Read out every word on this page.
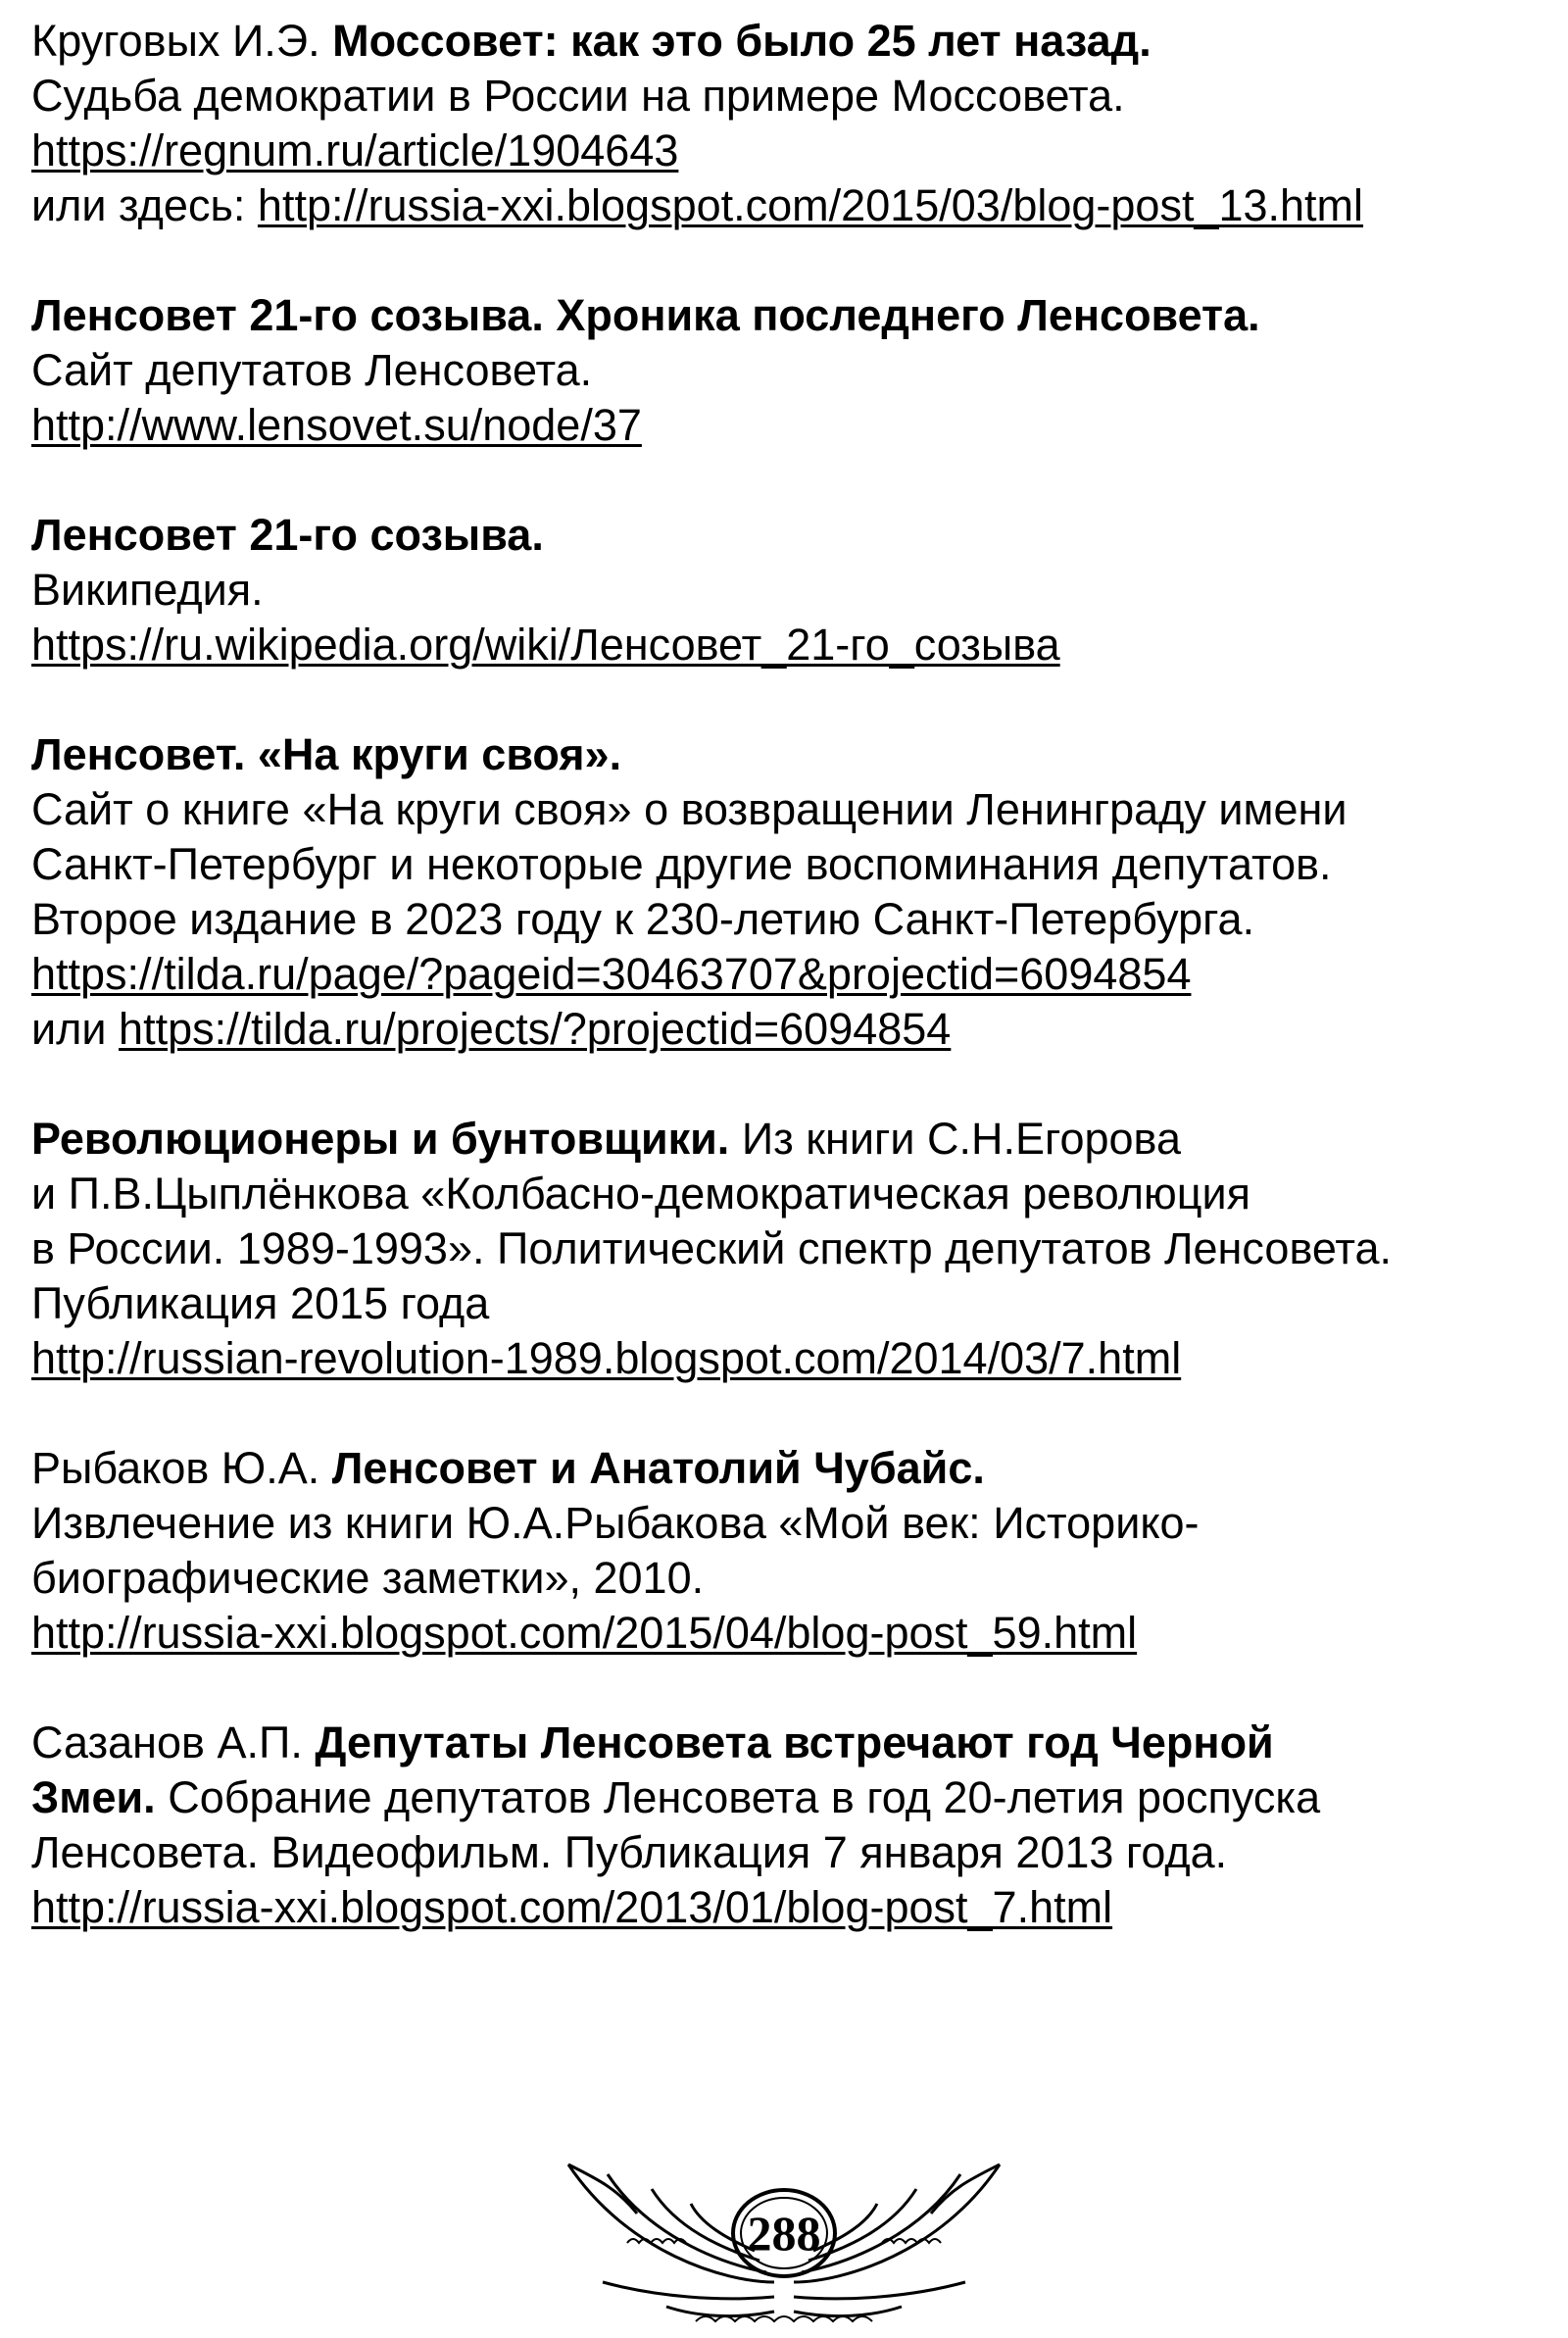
Круговых И.Э. Моссовет: как это было 25 лет назад.
Судьба демократии в России на примере Моссовета.
https://regnum.ru/article/1904643
или здесь: http://russia-xxi.blogspot.com/2015/03/blog-post_13.html
Ленсовет 21-го созыва. Хроника последнего Ленсовета.
Сайт депутатов Ленсовета.
http://www.lensovet.su/node/37
Ленсовет 21-го созыва.
Википедия.
https://ru.wikipedia.org/wiki/Ленсовет_21-го_созыва
Ленсовет. «На круги своя».
Сайт о книге «На круги своя» о возвращении Ленинграду имени
Санкт-Петербург и некоторые другие воспоминания депутатов.
Второе издание в 2023 году к 230-летию Санкт-Петербурга.
https://tilda.ru/page/?pageid=30463707&projectid=6094854
или https://tilda.ru/projects/?projectid=6094854
Революционеры и бунтовщики. Из книги С.Н.Егорова
и П.В.Цыплёнкова «Колбасно-демократическая революция
в России. 1989-1993». Политический спектр депутатов Ленсовета.
Публикация 2015 года
http://russian-revolution-1989.blogspot.com/2014/03/7.html
Рыбаков Ю.А. Ленсовет и Анатолий Чубайс.
Извлечение из книги Ю.А.Рыбакова «Мой век: Историко-
биографические заметки», 2010.
http://russia-xxi.blogspot.com/2015/04/blog-post_59.html
Сазанов А.П. Депутаты Ленсовета встречают год Черной
Змеи. Собрание депутатов Ленсовета в год 20-летия роспуска
Ленсовета. Видеофильм. Публикация 7 января 2013 года.
http://russia-xxi.blogspot.com/2013/01/blog-post_7.html
288
